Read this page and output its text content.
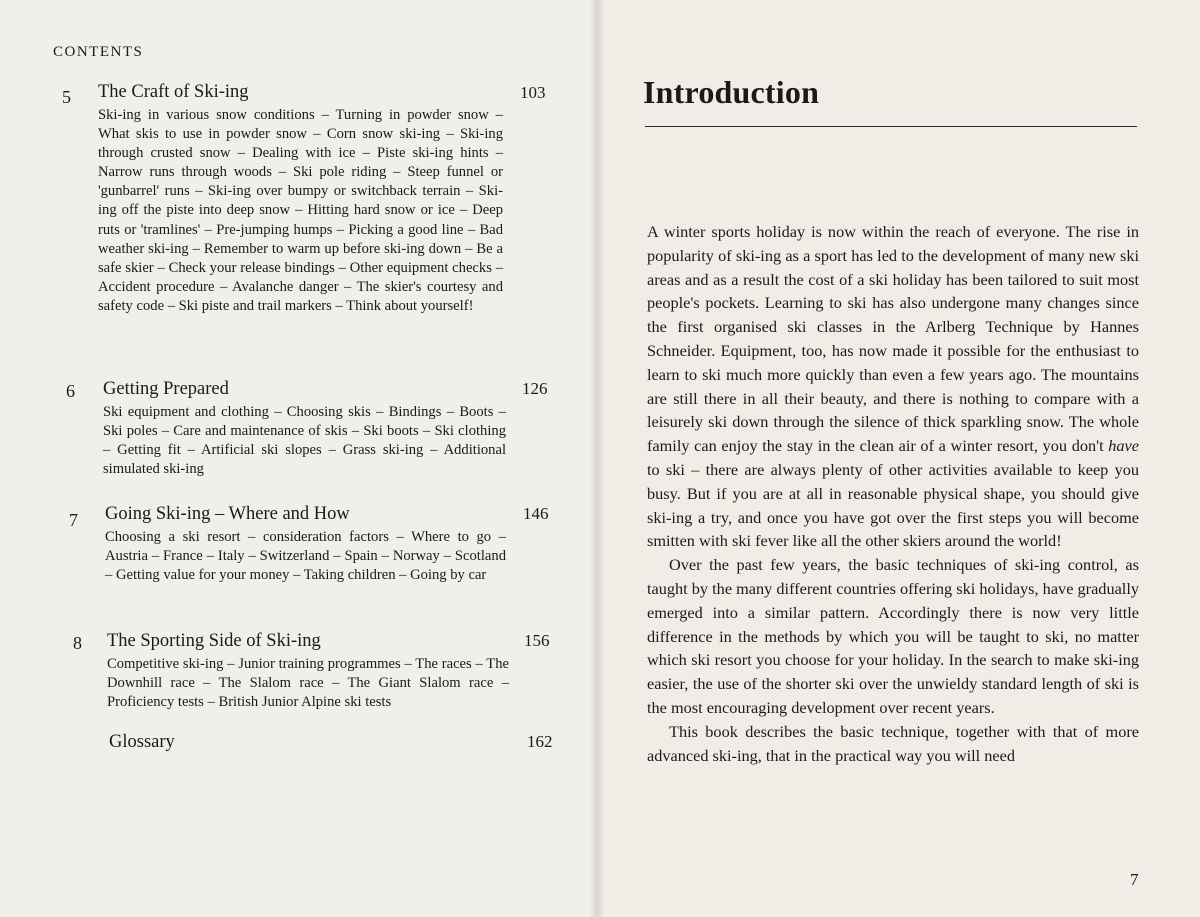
CONTENTS
5 The Craft of Ski-ing	103
Ski-ing in various snow conditions – Turning in powder snow – What skis to use in powder snow – Corn snow ski-ing – Ski-ing through crusted snow – Dealing with ice – Piste ski-ing hints – Narrow runs through woods – Ski pole riding – Steep funnel or 'gunbarrel' runs – Ski-ing over bumpy or switchback terrain – Ski-ing off the piste into deep snow – Hitting hard snow or ice – Deep ruts or 'tramlines' – Pre-jumping humps – Picking a good line – Bad weather ski-ing – Remember to warm up before ski-ing down – Be a safe skier – Check your release bindings – Other equipment checks – Accident procedure – Avalanche danger – The skier's courtesy and safety code – Ski piste and trail markers – Think about yourself!
6 Getting Prepared	126
Ski equipment and clothing – Choosing skis – Bindings – Boots – Ski poles – Care and maintenance of skis – Ski boots – Ski clothing – Getting fit – Artificial ski slopes – Grass ski-ing – Additional simulated ski-ing
7 Going Ski-ing – Where and How	146
Choosing a ski resort – consideration factors – Where to go – Austria – France – Italy – Switzerland – Spain – Norway – Scotland – Getting value for your money – Taking children – Going by car
8 The Sporting Side of Ski-ing	156
Competitive ski-ing – Junior training programmes – The races – The Downhill race – The Slalom race – The Giant Slalom race – Proficiency tests – British Junior Alpine ski tests
Glossary	162
Introduction

A winter sports holiday is now within the reach of everyone. The rise in popularity of ski-ing as a sport has led to the development of many new ski areas and as a result the cost of a ski holiday has been tailored to suit most people's pockets. Learning to ski has also undergone many changes since the first organised ski classes in the Arlberg Technique by Hannes Schneider. Equipment, too, has now made it possible for the enthusiast to learn to ski much more quickly than even a few years ago. The mountains are still there in all their beauty, and there is nothing to compare with a leisurely ski down through the silence of thick sparkling snow. The whole family can enjoy the stay in the clean air of a winter resort, you don't have to ski – there are always plenty of other activities available to keep you busy. But if you are at all in reasonable physical shape, you should give ski-ing a try, and once you have got over the first steps you will become smitten with ski fever like all the other skiers around the world!

Over the past few years, the basic techniques of ski-ing control, as taught by the many different countries offering ski holidays, have gradually emerged into a similar pattern. Accordingly there is now very little difference in the methods by which you will be taught to ski, no matter which ski resort you choose for your holiday. In the search to make ski-ing easier, the use of the shorter ski over the unwieldy standard length of ski is the most encouraging development over recent years.

This book describes the basic technique, together with that of more advanced ski-ing, that in the practical way you will need

7
